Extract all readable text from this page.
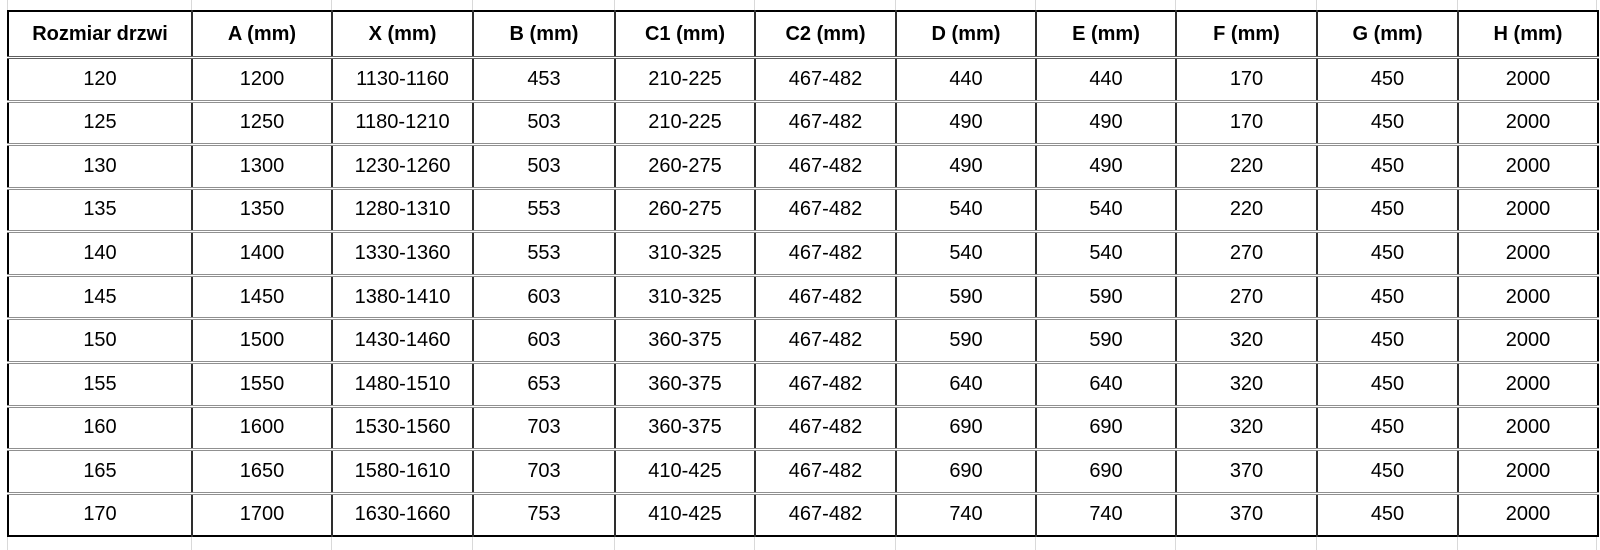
Rozmiar drzwi	A (mm)	X (mm)	B (mm)	C1 (mm)	C2 (mm)	D (mm)	E (mm)	F (mm)	G (mm)	H (mm)
120	1200	1130-1160	453	210-225	467-482	440	440	170	450	2000
125	1250	1180-1210	503	210-225	467-482	490	490	170	450	2000
130	1300	1230-1260	503	260-275	467-482	490	490	220	450	2000
135	1350	1280-1310	553	260-275	467-482	540	540	220	450	2000
140	1400	1330-1360	553	310-325	467-482	540	540	270	450	2000
145	1450	1380-1410	603	310-325	467-482	590	590	270	450	2000
150	1500	1430-1460	603	360-375	467-482	590	590	320	450	2000
155	1550	1480-1510	653	360-375	467-482	640	640	320	450	2000
160	1600	1530-1560	703	360-375	467-482	690	690	320	450	2000
165	1650	1580-1610	703	410-425	467-482	690	690	370	450	2000
170	1700	1630-1660	753	410-425	467-482	740	740	370	450	2000
